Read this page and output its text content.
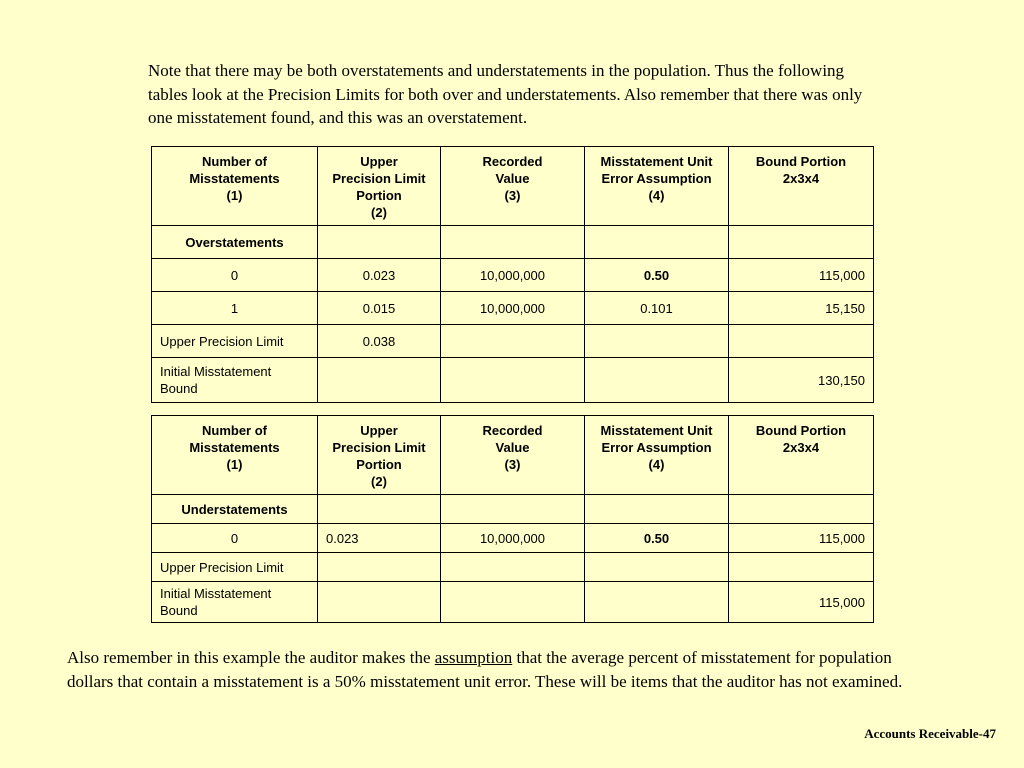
Note that there may be both overstatements and understatements in the population. Thus the following tables look at the Precision Limits for both over and understatements. Also remember that there was only one misstatement found, and this was an overstatement.
Number of
Misstatements
(1)	Upper
Precision Limit
Portion
(2)	Recorded
Value
(3)	Misstatement Unit
Error Assumption
(4)	Bound Portion
2x3x4

Overstatements				
0	0.023	10,000,000	0.50	115,000
1	0.015	10,000,000	0.101	15,150
Upper Precision Limit	0.038			

Initial Misstatement
Bound				130,150
Number of
Misstatements
(1)	Upper
Precision Limit
Portion
(2)	Recorded
Value
(3)	Misstatement Unit
Error Assumption
(4)	Bound Portion
2x3x4

Understatements				
0	0.023	10,000,000	0.50	115,000
Upper Precision Limit				

Initial Misstatement
Bound				115,000
Also remember in this example the auditor makes the assumption that the average percent of misstatement for population dollars that contain a misstatement is a 50% misstatement unit error. These will be items that the auditor has not examined.
Accounts Receivable-47
